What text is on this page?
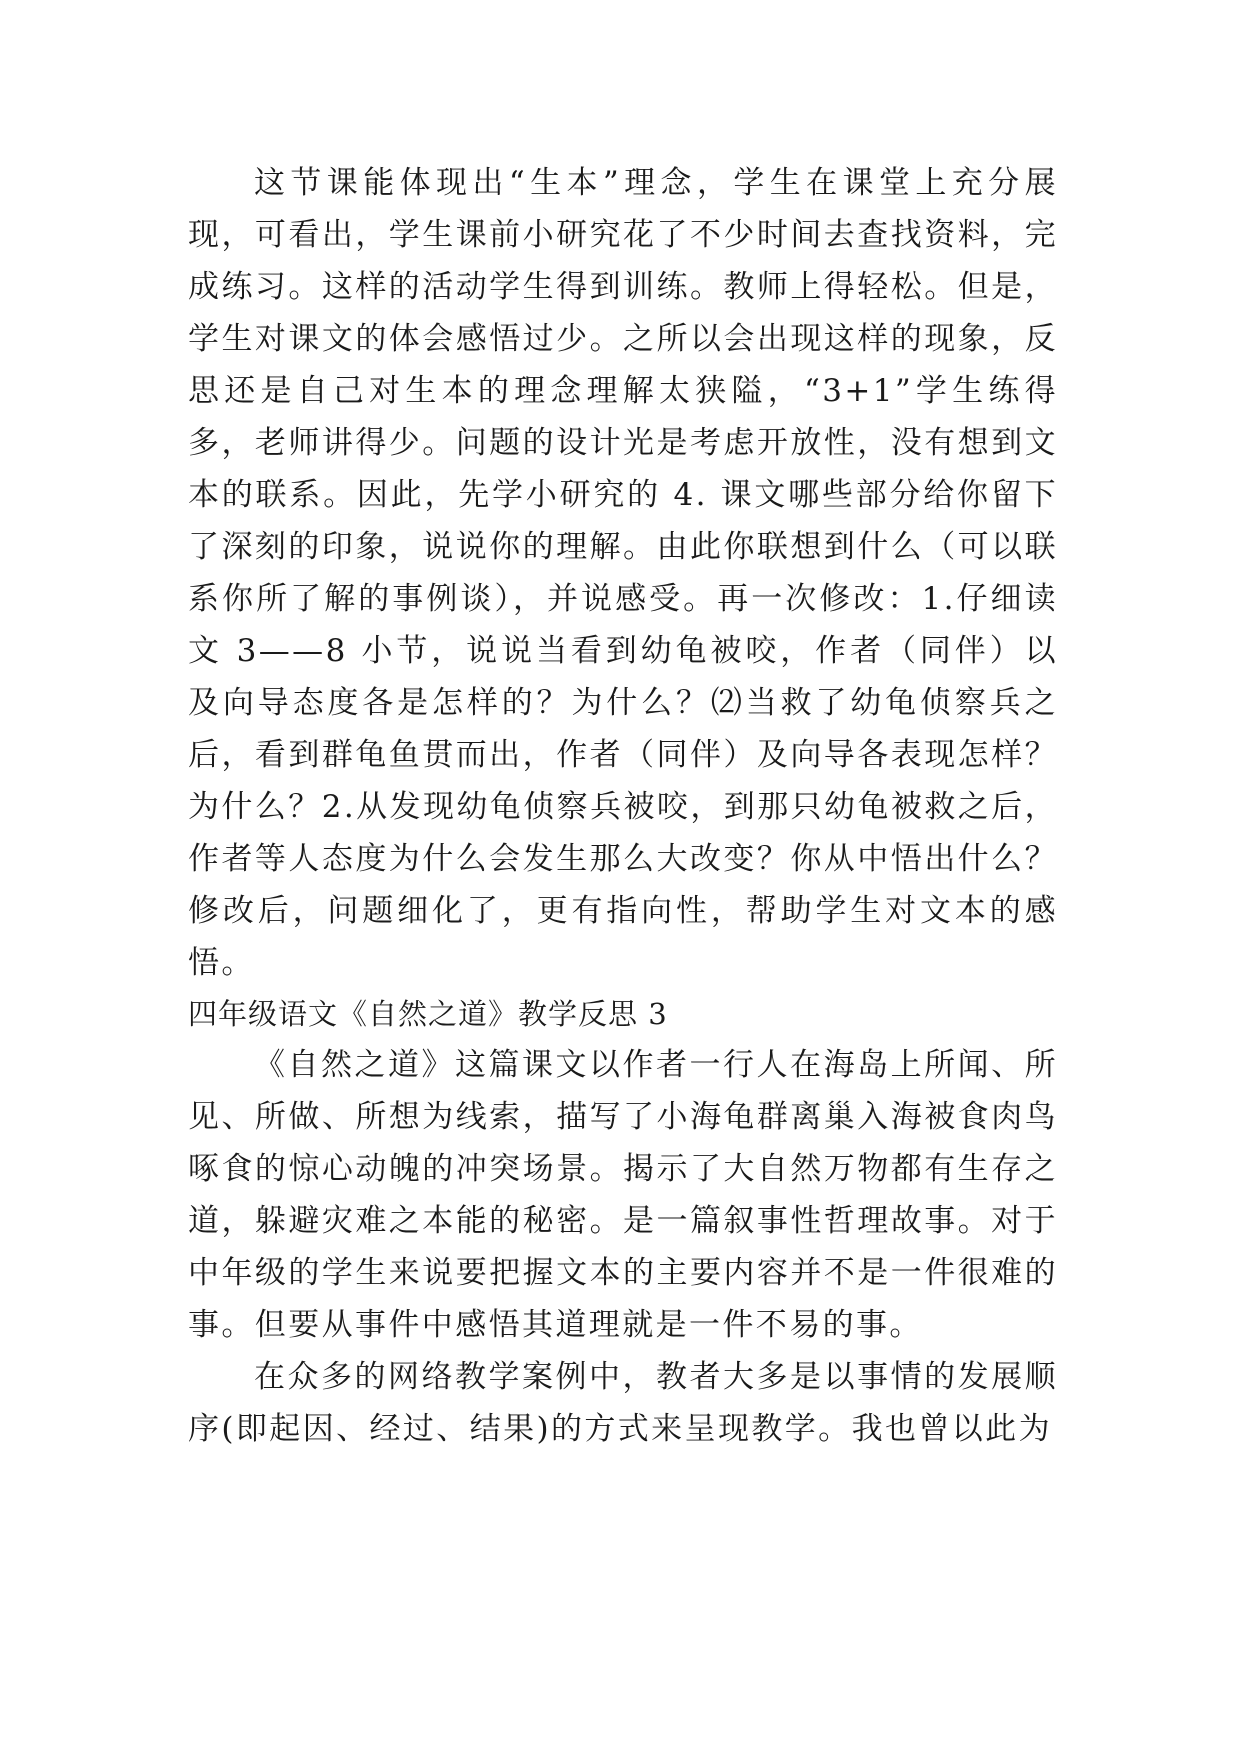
这节课能体现出“生本”理念，学生在课堂上充分展现，可看出，学生课前小研究花了不少时间去查找资料，完成练习。这样的活动学生得到训练。教师上得轻松。但是，学生对课文的体会感悟过少。之所以会出现这样的现象，反思还是自己对生本的理念理解太狭隘，“3+1”学生练得多，老师讲得少。问题的设计光是考虑开放性，没有想到文本的联系。因此，先学小研究的 4. 课文哪些部分给你留下了深刻的印象，说说你的理解。由此你联想到什么（可以联系你所了解的事例谈），并说感受。再一次修改：1.仔细读文 3——8 小节，说说当看到幼龟被咬，作者（同伴）以及向导态度各是怎样的？为什么？⑵当救了幼龟侦察兵之后，看到群龟鱼贯而出，作者（同伴）及向导各表现怎样？为什么？2.从发现幼龟侦察兵被咬，到那只幼龟被救之后，作者等人态度为什么会发生那么大改变？你从中悟出什么？修改后，问题细化了，更有指向性，帮助学生对文本的感悟。

四年级语文《自然之道》教学反思 3

《自然之道》这篇课文以作者一行人在海岛上所闻、所见、所做、所想为线索，描写了小海龟群离巢入海被食肉鸟啄食的惊心动魄的冲突场景。揭示了大自然万物都有生存之道，躲避灾难之本能的秘密。是一篇叙事性哲理故事。对于中年级的学生来说要把握文本的主要内容并不是一件很难的事。但要从事件中感悟其道理就是一件不易的事。

在众多的网络教学案例中，教者大多是以事情的发展顺序(即起因、经过、结果)的方式来呈现教学。我也曾以此为
